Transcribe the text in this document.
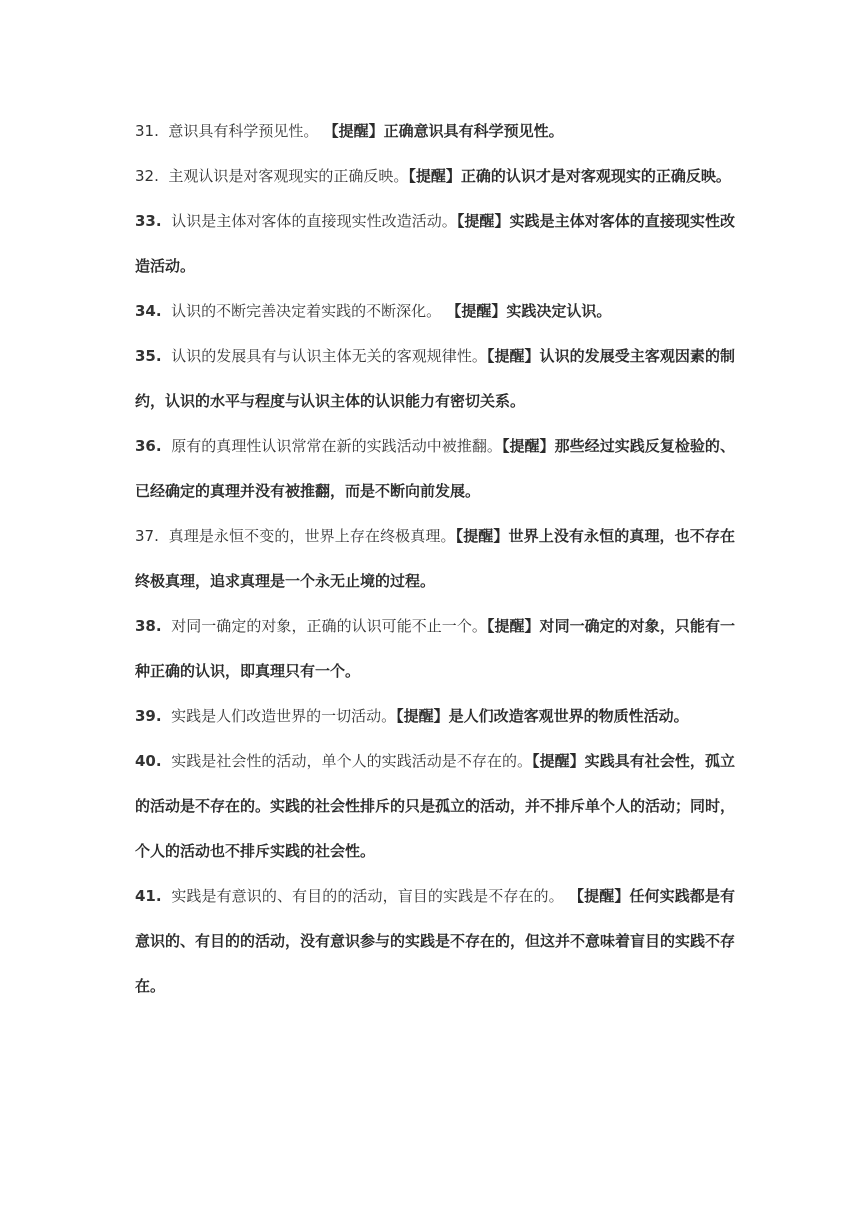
31. 意识具有科学预见性。 【提醒】正确意识具有科学预见性。

32. 主观认识是对客观现实的正确反映。【提醒】正确的认识才是对客观现实的正确反映。

33. 认识是主体对客体的直接现实性改造活动。【提醒】实践是主体对客体的直接现实性改造活动。

34. 认识的不断完善决定着实践的不断深化。 【提醒】实践决定认识。

35. 认识的发展具有与认识主体无关的客观规律性。【提醒】认识的发展受主客观因素的制约，认识的水平与程度与认识主体的认识能力有密切关系。

36. 原有的真理性认识常常在新的实践活动中被推翻。【提醒】那些经过实践反复检验的、已经确定的真理并没有被推翻，而是不断向前发展。

37. 真理是永恒不变的，世界上存在终极真理。【提醒】世界上没有永恒的真理，也不存在终极真理，追求真理是一个永无止境的过程。

38. 对同一确定的对象，正确的认识可能不止一个。【提醒】对同一确定的对象，只能有一种正确的认识，即真理只有一个。

39. 实践是人们改造世界的一切活动。【提醒】是人们改造客观世界的物质性活动。

40. 实践是社会性的活动，单个人的实践活动是不存在的。【提醒】实践具有社会性，孤立的活动是不存在的。实践的社会性排斥的只是孤立的活动，并不排斥单个人的活动；同时，个人的活动也不排斥实践的社会性。

41. 实践是有意识的、有目的的活动，盲目的实践是不存在的。 【提醒】任何实践都是有意识的、有目的的活动，没有意识参与的实践是不存在的，但这并不意味着盲目的实践不存在。
